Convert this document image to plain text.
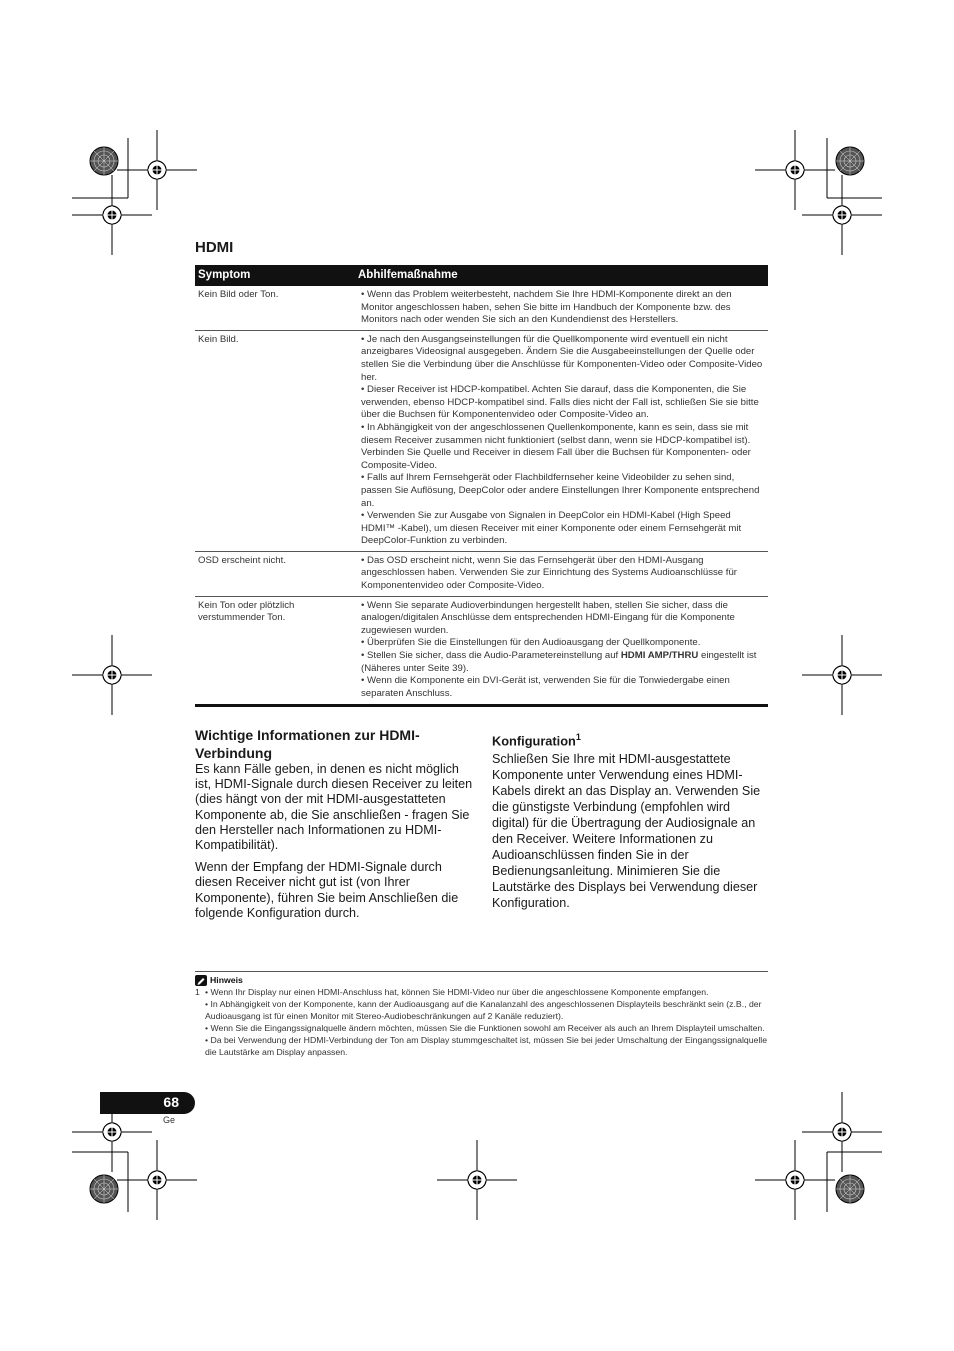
HDMI
Symptom	Abhilfemaßnahme
Kein Bild oder Ton.	• Wenn das Problem weiterbesteht, nachdem Sie Ihre HDMI-Komponente direkt an den Monitor angeschlossen haben, sehen Sie bitte im Handbuch der Komponente bzw. des Monitors nach oder wenden Sie sich an den Kundendienst des Herstellers.

Kein Bild.	• Je nach den Ausgangseinstellungen für die Quellkomponente wird eventuell ein nicht anzeigbares Videosignal ausgegeben. Ändern Sie die Ausgabeeinstellungen der Quelle oder stellen Sie die Verbindung über die Anschlüsse für Komponenten-Video oder Composite-Video her.

• Dieser Receiver ist HDCP-kompatibel. Achten Sie darauf, dass die Komponenten, die Sie verwenden, ebenso HDCP-kompatibel sind. Falls dies nicht der Fall ist, schließen Sie sie bitte über die Buchsen für Komponentenvideo oder Composite-Video an.

• In Abhängigkeit von der angeschlossenen Quellenkomponente, kann es sein, dass sie mit diesem Receiver zusammen nicht funktioniert (selbst dann, wenn sie HDCP-kompatibel ist). Verbinden Sie Quelle und Receiver in diesem Fall über die Buchsen für Komponenten- oder Composite-Video.

• Falls auf Ihrem Fernsehgerät oder Flachbildfernseher keine Videobilder zu sehen sind, passen Sie Auflösung, DeepColor oder andere Einstellungen Ihrer Komponente entsprechend an.

• Verwenden Sie zur Ausgabe von Signalen in DeepColor ein HDMI-Kabel (High Speed HDMI™ -Kabel), um diesen Receiver mit einer Komponente oder einem Fernsehgerät mit DeepColor-Funktion zu verbinden.

OSD erscheint nicht.	• Das OSD erscheint nicht, wenn Sie das Fernsehgerät über den HDMI-Ausgang angeschlossen haben. Verwenden Sie zur Einrichtung des Systems Audioanschlüsse für Komponentenvideo oder Composite-Video.

Kein Ton oder plötzlich verstummender Ton.	• Wenn Sie separate Audioverbindungen hergestellt haben, stellen Sie sicher, dass die analogen/digitalen Anschlüsse dem entsprechenden HDMI-Eingang für die Komponente zugewiesen wurden.

• Überprüfen Sie die Einstellungen für den Audioausgang der Quellkomponente.

• Stellen Sie sicher, dass die Audio-Parametereinstellung auf HDMI AMP/THRU eingestellt ist (Näheres unter Seite 39).

• Wenn die Komponente ein DVI-Gerät ist, verwenden Sie für die Tonwiedergabe einen separaten Anschluss.

Wichtige Informationen zur HDMI-Verbindung

Es kann Fälle geben, in denen es nicht möglich ist, HDMI-Signale durch diesen Receiver zu leiten (dies hängt von der mit HDMI-ausgestatteten Komponente ab, die Sie anschließen - fragen Sie den Hersteller nach Informationen zu HDMI-Kompatibilität).

Wenn der Empfang der HDMI-Signale durch diesen Receiver nicht gut ist (von Ihrer Komponente), führen Sie beim Anschließen die folgende Konfiguration durch.

Konfiguration$^1$

Schließen Sie Ihre mit HDMI-ausgestattete Komponente unter Verwendung eines HDMI-Kabels direkt an das Display an. Verwenden Sie die günstigste Verbindung (empfohlen wird digital) für die Übertragung der Audiosignale an den Receiver. Weitere Informationen zu Audioanschlüssen finden Sie in der Bedienungsanleitung. Minimieren Sie die Lautstärke des Displays bei Verwendung dieser Konfiguration.

Hinweis
1 • Wenn Ihr Display nur einen HDMI-Anschluss hat, können Sie HDMI-Video nur über die angeschlossene Komponente empfangen.
• In Abhängigkeit von der Komponente, kann der Audioausgang auf die Kanalanzahl des angeschlossenen Displayteils beschränkt sein (z.B., der Audioausgang ist für einen Monitor mit Stereo-Audiobeschränkungen auf 2 Kanäle reduziert).
• Wenn Sie die Eingangssignalquelle ändern möchten, müssen Sie die Funktionen sowohl am Receiver als auch an Ihrem Displayteil umschalten.
• Da bei Verwendung der HDMI-Verbindung der Ton am Display stummgeschaltet ist, müssen Sie bei jeder Umschaltung der Eingangssignalquelle die Lautstärke am Display anpassen.
68
Ge
